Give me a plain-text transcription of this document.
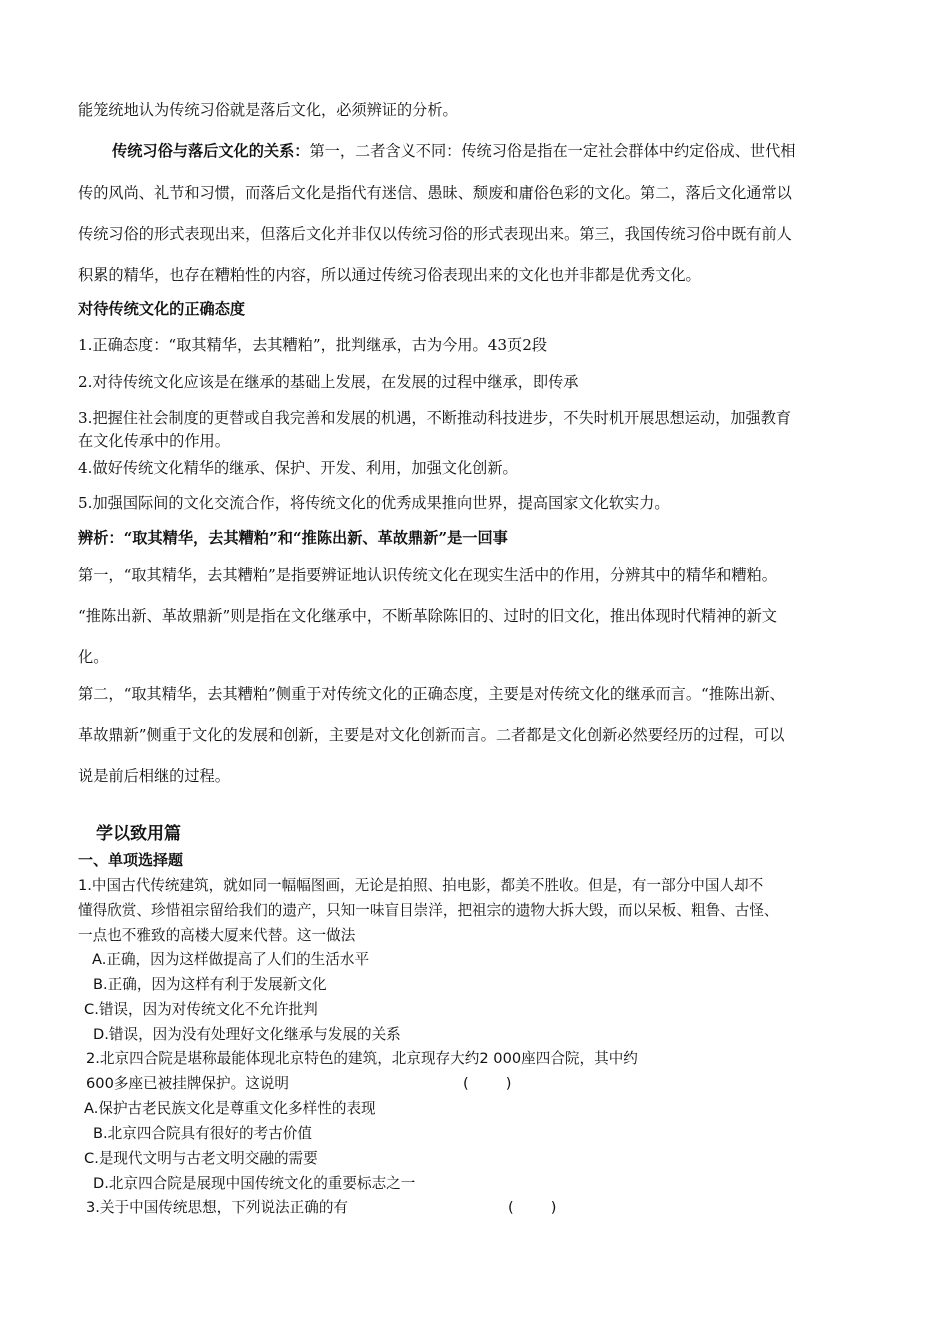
能笼统地认为传统习俗就是落后文化，必须辨证的分析。
传统习俗与落后文化的关系：第一，二者含义不同：传统习俗是指在一定社会群体中约定俗成、世代相
传的风尚、礼节和习惯，而落后文化是指代有迷信、愚昧、颓废和庸俗色彩的文化。第二，落后文化通常以
传统习俗的形式表现出来，但落后文化并非仅以传统习俗的形式表现出来。第三，我国传统习俗中既有前人
积累的精华，也存在糟粕性的内容，所以通过传统习俗表现出来的文化也并非都是优秀文化。
对待传统文化的正确态度
1.正确态度：“取其精华，去其糟粕”，批判继承，古为今用。43页2段
2.对待传统文化应该是在继承的基础上发展，在发展的过程中继承，即传承
3.把握住社会制度的更替或自我完善和发展的机遇，不断推动科技进步，不失时机开展思想运动，加强教育
在文化传承中的作用。
4.做好传统文化精华的继承、保护、开发、利用，加强文化创新。
5.加强国际间的文化交流合作，将传统文化的优秀成果推向世界，提高国家文化软实力。
辨析：“取其精华，去其糟粕”和“推陈出新、革故鼎新”是一回事
第一，“取其精华，去其糟粕”是指要辨证地认识传统文化在现实生活中的作用，分辨其中的精华和糟粕。
“推陈出新、革故鼎新”则是指在文化继承中，不断革除陈旧的、过时的旧文化，推出体现时代精神的新文
化。
第二，“取其精华，去其糟粕”侧重于对传统文化的正确态度，主要是对传统文化的继承而言。“推陈出新、
革故鼎新”侧重于文化的发展和创新，主要是对文化创新而言。二者都是文化创新必然要经历的过程，可以
说是前后相继的过程。
学以致用篇
一、单项选择题
1.中国古代传统建筑，就如同一幅幅图画，无论是拍照、拍电影，都美不胜收。但是，有一部分中国人却不
懂得欣赏、珍惜祖宗留给我们的遗产，只知一味盲目崇洋，把祖宗的遗物大拆大毁，而以呆板、粗鲁、古怪、
一点也不雅致的高楼大厦来代替。这一做法
A.正确，因为这样做提高了人们的生活水平
B.正确，因为这样有利于发展新文化
C.错误，因为对传统文化不允许批判
D.错误，因为没有处理好文化继承与发展的关系
2.北京四合院是堪称最能体现北京特色的建筑，北京现存大约2 000座四合院，其中约
600多座已被挂牌保护。这说明	(        )
A.保护古老民族文化是尊重文化多样性的表现
B.北京四合院具有很好的考古价值
C.是现代文明与古老文明交融的需要
D.北京四合院是展现中国传统文化的重要标志之一
3.关于中国传统思想，下列说法正确的有	(        )
